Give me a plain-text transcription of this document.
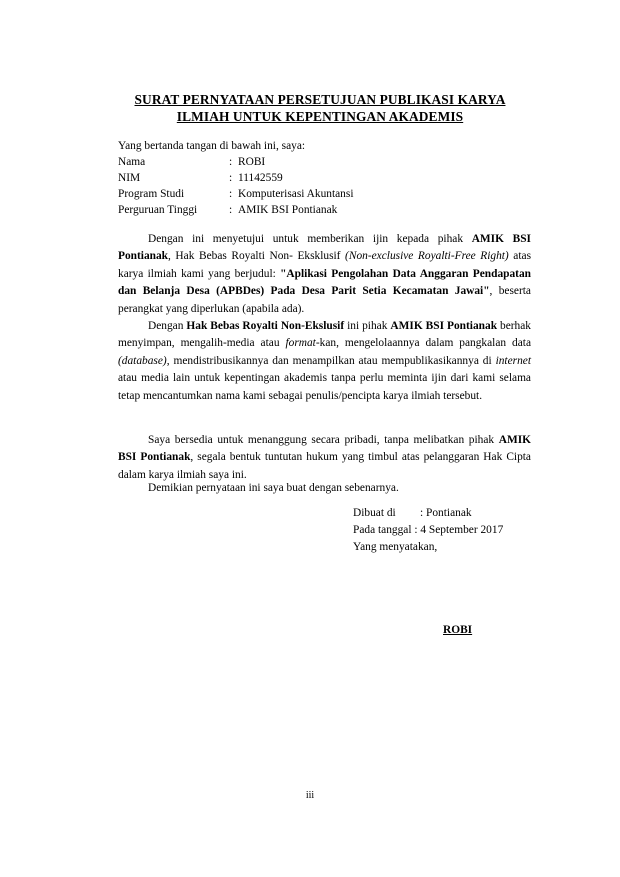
SURAT PERNYATAAN PERSETUJUAN PUBLIKASI KARYA
ILMIAH UNTUK KEPENTINGAN AKADEMIS
Yang bertanda tangan di bawah ini, saya:
Nama	: ROBI
NIM	: 11142559
Program Studi	: Komputerisasi Akuntansi
Perguruan Tinggi	: AMIK BSI Pontianak

Dengan ini menyetujui untuk memberikan ijin kepada pihak AMIK BSI Pontianak, Hak Bebas Royalti Non- Eksklusif (Non-exclusive Royalti-Free Right) atas karya ilmiah kami yang berjudul: "Aplikasi Pengolahan Data Anggaran Pendapatan dan Belanja Desa (APBDes) Pada Desa Parit Setia Kecamatan Jawai", beserta perangkat yang diperlukan (apabila ada).

Dengan Hak Bebas Royalti Non-Ekslusif ini pihak AMIK BSI Pontianak berhak menyimpan, mengalih-media atau format-kan, mengelolaannya dalam pangkalan data (database), mendistribusikannya dan menampilkan atau mempublikasikannya di internet atau media lain untuk kepentingan akademis tanpa perlu meminta ijin dari kami selama tetap mencantumkan nama kami sebagai penulis/pencipta karya ilmiah tersebut.

Saya bersedia untuk menanggung secara pribadi, tanpa melibatkan pihak AMIK BSI Pontianak, segala bentuk tuntutan hukum yang timbul atas pelanggaran Hak Cipta dalam karya ilmiah saya ini.

Demikian pernyataan ini saya buat dengan sebenarnya.

Dibuat di : Pontianak
Pada tanggal : 4 September 2017
Yang menyatakan,
ROBI
iii
